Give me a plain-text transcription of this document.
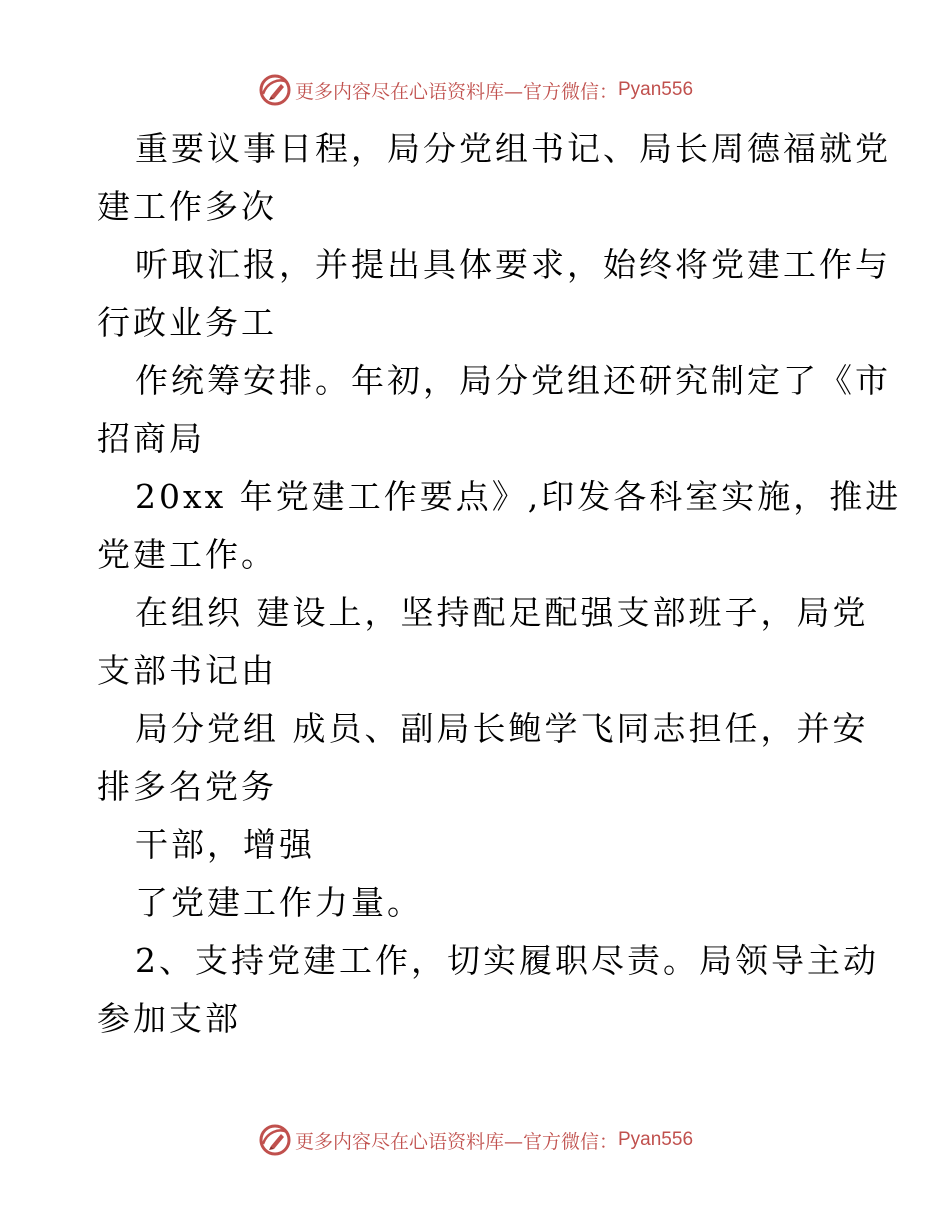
更多内容尽在心语资料库—官方微信： Pyan556
重要议事日程，局分党组书记、局长周德福就党
建工作多次
听取汇报，并提出具体要求，始终将党建工作与
行政业务工
作统筹安排。年初，局分党组还研究制定了《市
招商局
20xx 年党建工作要点》,印发各科室实施，推进
党建工作。
在组织 建设上，坚持配足配强支部班子，局党
支部书记由
局分党组 成员、副局长鲍学飞同志担任，并安
排多名党务
干部，增强
了党建工作力量。
2、支持党建工作，切实履职尽责。局领导主动
参加支部
更多内容尽在心语资料库—官方微信： Pyan556
